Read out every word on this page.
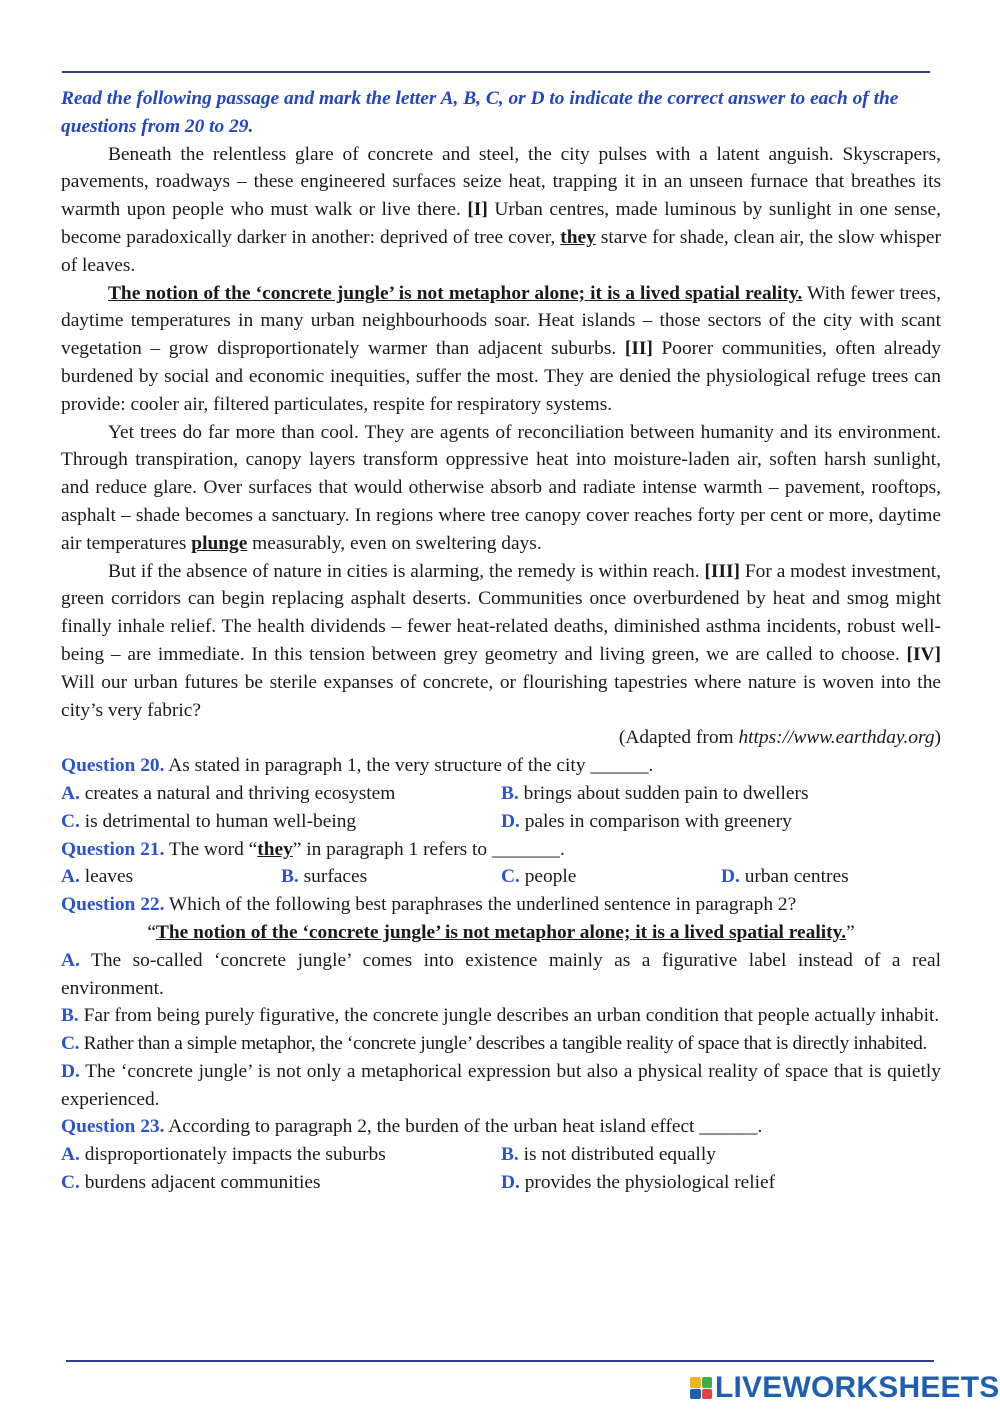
Read the following passage and mark the letter A, B, C, or D to indicate the correct answer to each of the questions from 20 to 29.

Beneath the relentless glare of concrete and steel, the city pulses with a latent anguish. Skyscrapers, pavements, roadways – these engineered surfaces seize heat, trapping it in an unseen furnace that breathes its warmth upon people who must walk or live there. [I] Urban centres, made luminous by sunlight in one sense, become paradoxically darker in another: deprived of tree cover, they starve for shade, clean air, the slow whisper of leaves.

The notion of the ‘concrete jungle’ is not metaphor alone; it is a lived spatial reality. With fewer trees, daytime temperatures in many urban neighbourhoods soar. Heat islands – those sectors of the city with scant vegetation – grow disproportionately warmer than adjacent suburbs. [II] Poorer communities, often already burdened by social and economic inequities, suffer the most. They are denied the physiological refuge trees can provide: cooler air, filtered particulates, respite for respiratory systems.

Yet trees do far more than cool. They are agents of reconciliation between humanity and its environment. Through transpiration, canopy layers transform oppressive heat into moisture-laden air, soften harsh sunlight, and reduce glare. Over surfaces that would otherwise absorb and radiate intense warmth – pavement, rooftops, asphalt – shade becomes a sanctuary. In regions where tree canopy cover reaches forty per cent or more, daytime air temperatures plunge measurably, even on sweltering days.

But if the absence of nature in cities is alarming, the remedy is within reach. [III] For a modest investment, green corridors can begin replacing asphalt deserts. Communities once overburdened by heat and smog might finally inhale relief. The health dividends – fewer heat-related deaths, diminished asthma incidents, robust well-being – are immediate. In this tension between grey geometry and living green, we are called to choose. [IV] Will our urban futures be sterile expanses of concrete, or flourishing tapestries where nature is woven into the city’s very fabric?

(Adapted from https://www.earthday.org)

Question 20. As stated in paragraph 1, the very structure of the city ______.

A. creates a natural and thriving ecosystem	B. brings about sudden pain to dwellers
C. is detrimental to human well-being	D. pales in comparison with greenery

Question 21. The word “they” in paragraph 1 refers to _______.

A. leaves	B. surfaces	C. people	D. urban centres

Question 22. Which of the following best paraphrases the underlined sentence in paragraph 2?

“The notion of the ‘concrete jungle’ is not metaphor alone; it is a lived spatial reality.”

A. The so-called ‘concrete jungle’ comes into existence mainly as a figurative label instead of a real environment.

B. Far from being purely figurative, the concrete jungle describes an urban condition that people actually inhabit.

C. Rather than a simple metaphor, the ‘concrete jungle’ describes a tangible reality of space that is directly inhabited.

D. The ‘concrete jungle’ is not only a metaphorical expression but also a physical reality of space that is quietly experienced.

Question 23. According to paragraph 2, the burden of the urban heat island effect ______.

A. disproportionately impacts the suburbs	B. is not distributed equally
C. burdens adjacent communities	D. provides the physiological relief
LIVEWORKSHEETS
